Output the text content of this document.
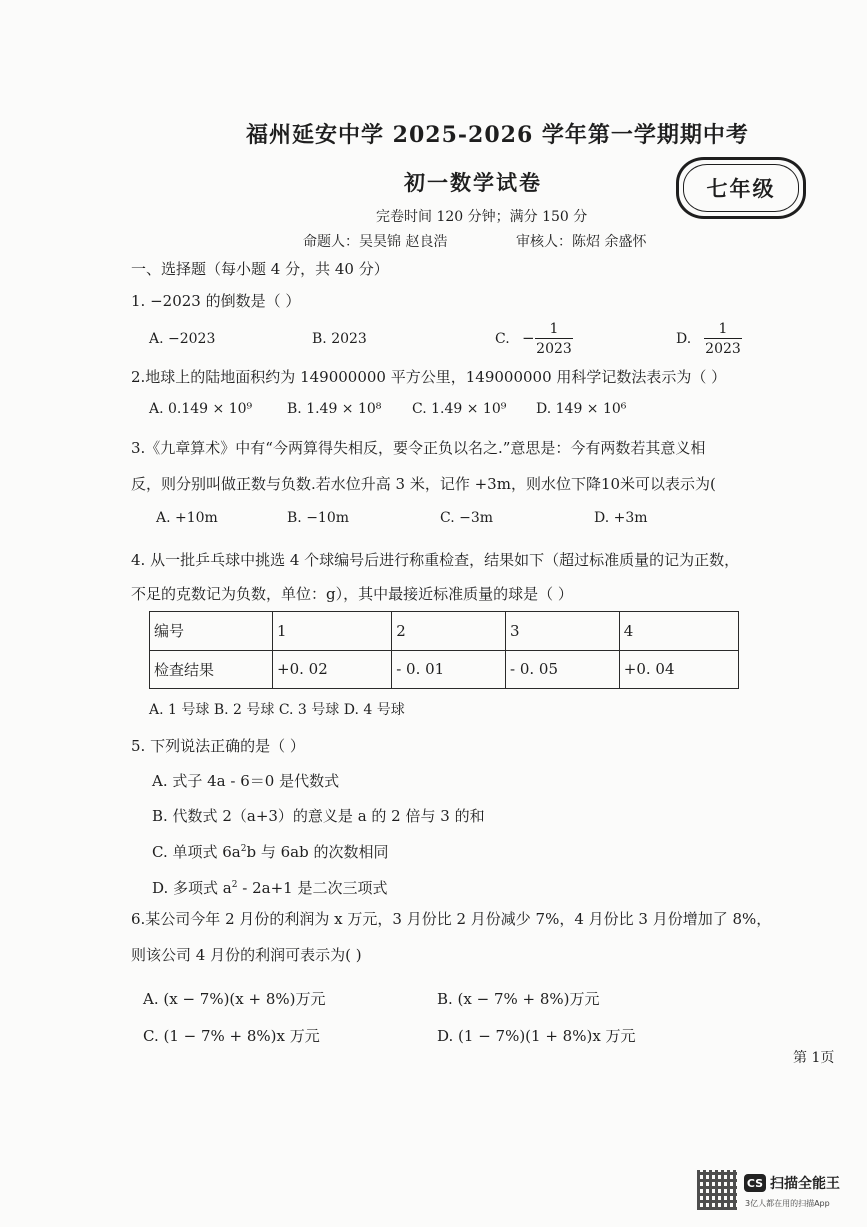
福州延安中学 2025-2026 学年第一学期期中考
初一数学试卷	七年级
完卷时间 120 分钟；满分 150 分
命题人：吴昊锦 赵良浩	审核人：陈炤 余盛怀
一、选择题（每小题 4 分，共 40 分）
1. −2023 的倒数是（ ）
A. −2023	B. 2023	C. − 1
2023
D.
1
2023
2.地球上的陆地面积约为 149000000 平方公里，149000000 用科学记数法表示为（ ）
A. 0.149 × 10⁹ B. 1.49 × 10⁸ C. 1.49 × 10⁹ D. 149 × 10⁶
3.《九章算术》中有“今两算得失相反，要令正负以名之.”意思是：今有两数若其意义相
反，则分别叫做正数与负数.若水位升高 3 米，记作 +3m，则水位下降10米可以表示为(
A. +10m	B. −10m	C. −3m	D. +3m
4. 从一批乒乓球中挑选 4 个球编号后进行称重检查，结果如下（超过标准质量的记为正数，
不足的克数记为负数，单位：g），其中最接近标准质量的球是（ ）
编号	1	2	3	4
检查结果	+0. 02	- 0. 01	- 0. 05	+0. 04
A. 1 号球 B. 2 号球 C. 3 号球 D. 4 号球
5. 下列说法正确的是（ ）
A. 式子 4a - 6＝0 是代数式
B. 代数式 2（a+3）的意义是 a 的 2 倍与 3 的和
C. 单项式 $6a^2b$ 与 6ab 的次数相同
D. 多项式 $a^2 - 2a+1$ 是二次三项式
6.某公司今年 2 月份的利润为 x 万元，3 月份比 2 月份减少 7%，4 月份比 3 月份增加了 8%，
则该公司 4 月份的利润可表示为( )
A. (x − 7%)(x + 8%)万元	B. (x − 7% + 8%)万元
C. (1 − 7% + 8%)x 万元	D. (1 − 7%)(1 + 8%)x 万元
第 1页
CS 扫描全能王
3亿人都在用的扫描App
